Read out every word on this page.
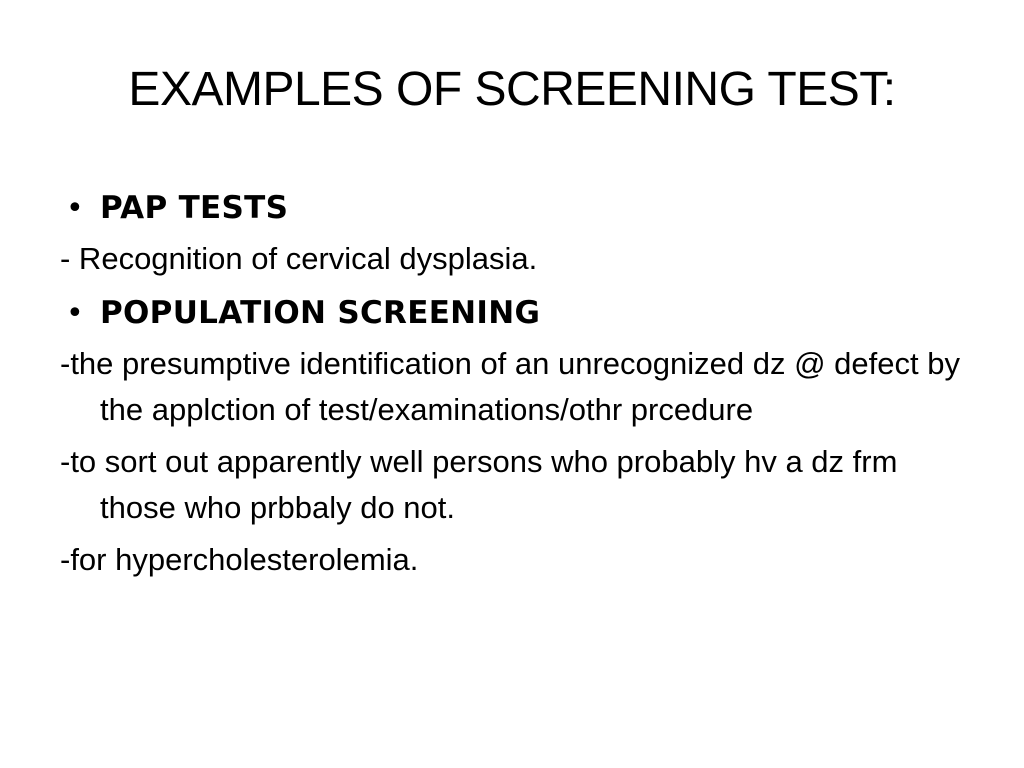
EXAMPLES OF SCREENING TEST:
• PAP TESTS
- Recognition of cervical dysplasia.
• POPULATION SCREENING
-the presumptive identification of an unrecognized dz @ defect by the applction of test/examinations/othr prcedure
-to sort out apparently well persons who probably hv a dz frm those who prbbaly do not.
-for hypercholesterolemia.
